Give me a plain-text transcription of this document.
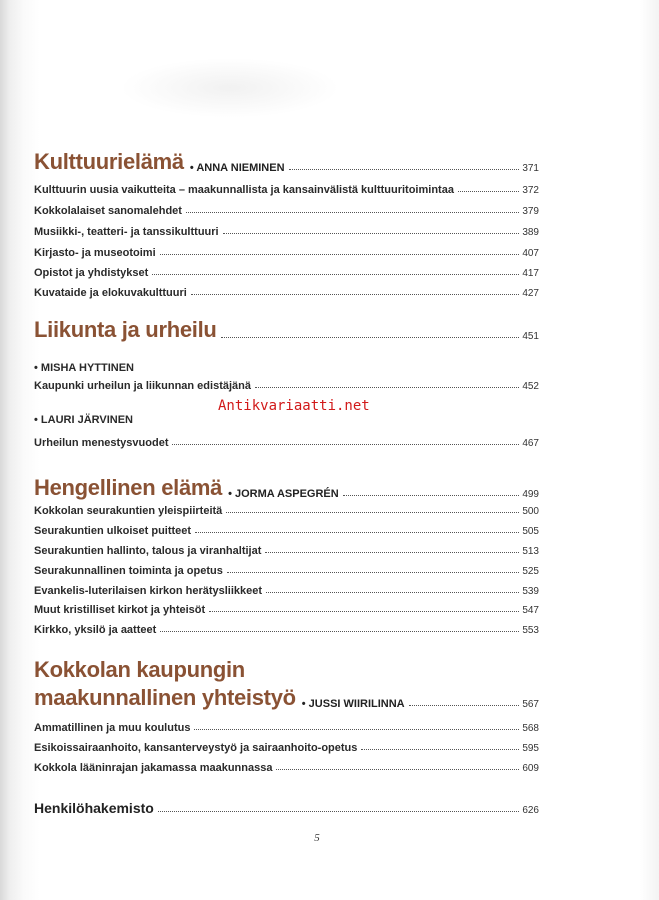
Kulttuurielämä • ANNA NIEMINEN	371
Kulttuurin uusia vaikutteita – maakunnallista ja kansainvälistä kulttuuritoimintaa	372
Kokkolalaiset sanomalehdet	379
Musiikki-, teatteri- ja tanssikulttuuri	389
Kirjasto- ja museotoimi	407
Opistot ja yhdistykset	417
Kuvataide ja elokuvakulttuuri	427
Liikunta ja urheilu	451
• MISHA HYTTINEN
Kaupunki urheilun ja liikunnan edistäjänä	452
• LAURI JÄRVINEN
Urheilun menestysvuodet	467
Hengellinen elämä • JORMA ASPEGRÉN	499
Kokkolan seurakuntien yleispiirteitä	500
Seurakuntien ulkoiset puitteet	505
Seurakuntien hallinto, talous ja viranhaltijat	513
Seurakunnallinen toiminta ja opetus	525
Evankelis-luterilaisen kirkon herätysliikkeet	539
Muut kristilliset kirkot ja yhteisöt	547
Kirkko, yksilö ja aatteet	553
Kokkolan kaupungin
maakunnallinen yhteistyö • JUSSI WIIRILINNA	567
Ammatillinen ja muu koulutus	568
Esikoissairaanhoito, kansanterveystyö ja sairaanhoito-opetus	595
Kokkola lääninrajan jakamassa maakunnassa	609
Henkilöhakemisto	626
5
Antikvariaatti.net
